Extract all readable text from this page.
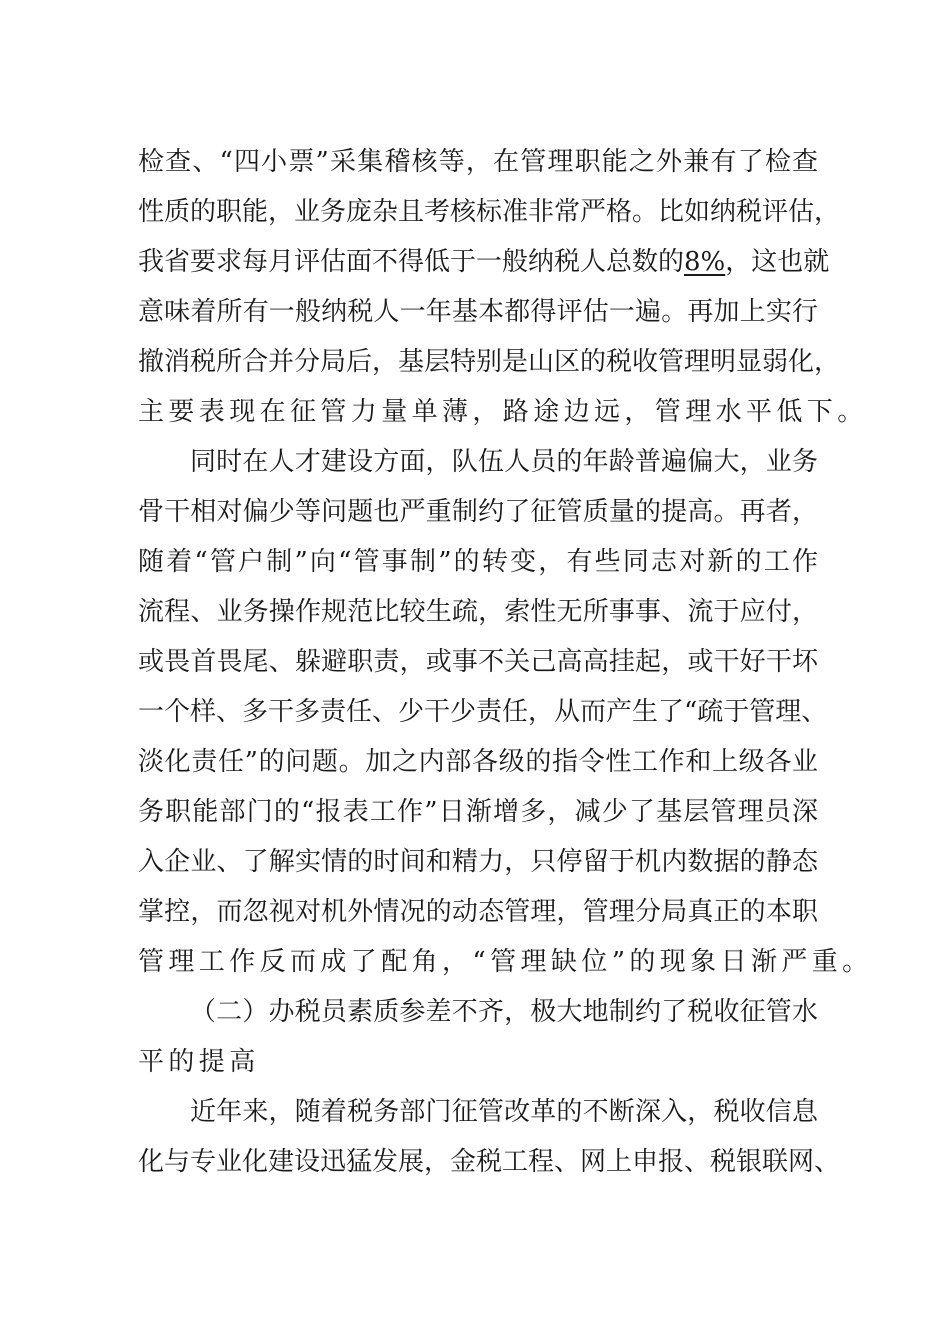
检查、“四小票”采集稽核等，在管理职能之外兼有了检查
性质的职能，业务庞杂且考核标准非常严格。比如纳税评估，
我省要求每月评估面不得低于一般纳税人总数的8%，这也就
意味着所有一般纳税人一年基本都得评估一遍。再加上实行
撤消税所合并分局后，基层特别是山区的税收管理明显弱化，
主要表现在征管力量单薄，路途边远，管理水平低下。
同时在人才建设方面，队伍人员的年龄普遍偏大，业务
骨干相对偏少等问题也严重制约了征管质量的提高。再者，
随着“管户制”向“管事制”的转变，有些同志对新的工作
流程、业务操作规范比较生疏，索性无所事事、流于应付，
或畏首畏尾、躲避职责，或事不关己高高挂起，或干好干坏
一个样、多干多责任、少干少责任，从而产生了“疏于管理、
淡化责任”的问题。加之内部各级的指令性工作和上级各业
务职能部门的“报表工作”日渐增多，减少了基层管理员深
入企业、了解实情的时间和精力，只停留于机内数据的静态
掌控，而忽视对机外情况的动态管理，管理分局真正的本职
管理工作反而成了配角，“管理缺位”的现象日渐严重。
（二）办税员素质参差不齐，极大地制约了税收征管水
平的提高
近年来，随着税务部门征管改革的不断深入，税收信息
化与专业化建设迅猛发展，金税工程、网上申报、税银联网、
